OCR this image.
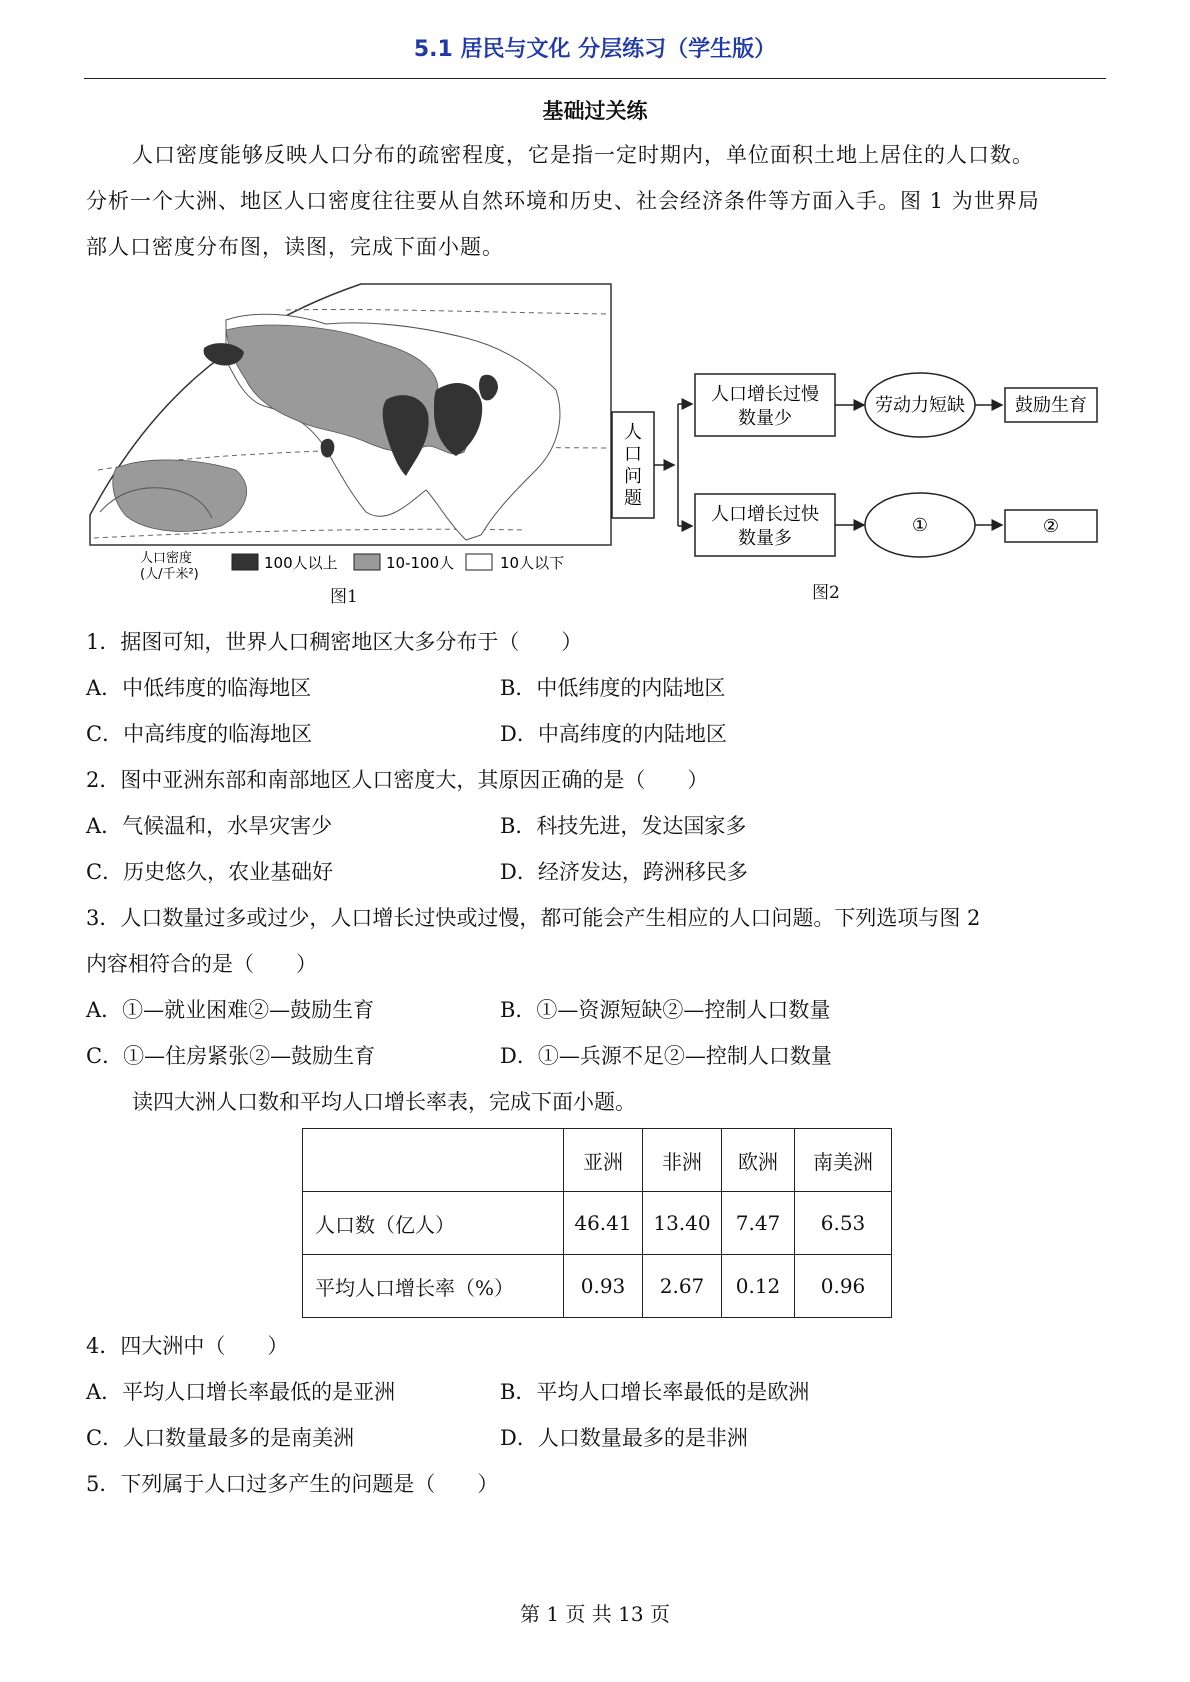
5.1 居民与文化 分层练习（学生版）
基础过关练
人口密度能够反映人口分布的疏密程度，它是指一定时期内，单位面积土地上居住的人口数。
分析一个大洲、地区人口密度往往要从自然环境和历史、社会经济条件等方面入手。图 1 为世界局
部人口密度分布图，读图，完成下面小题。
人口密度
(人/千米²)
100人以上	10-100人	10人以下
图1
人
口
问
题
人口增长过慢
数量少
劳动力短缺	鼓励生育
人口增长过快
数量多
①	②
图2
1．据图可知，世界人口稠密地区大多分布于（　　）
A．中低纬度的临海地区	B．中低纬度的内陆地区
C．中高纬度的临海地区	D．中高纬度的内陆地区
2．图中亚洲东部和南部地区人口密度大，其原因正确的是（　　）
A．气候温和，水旱灾害少	B．科技先进，发达国家多
C．历史悠久，农业基础好	D．经济发达，跨洲移民多
3．人口数量过多或过少，人口增长过快或过慢，都可能会产生相应的人口问题。下列选项与图 2
内容相符合的是（　　）
A．①—就业困难②—鼓励生育	B．①—资源短缺②—控制人口数量
C．①—住房紧张②—鼓励生育	D．①—兵源不足②—控制人口数量
读四大洲人口数和平均人口增长率表，完成下面小题。
	亚洲	非洲	欧洲	南美洲
人口数（亿人）	46.41	13.40	7.47	6.53
平均人口增长率（%）	0.93	2.67	0.12	0.96
4．四大洲中（　　）
A．平均人口增长率最低的是亚洲	B．平均人口增长率最低的是欧洲
C．人口数量最多的是南美洲	D．人口数量最多的是非洲
5．下列属于人口过多产生的问题是（　　）
第 1 页 共 13 页
